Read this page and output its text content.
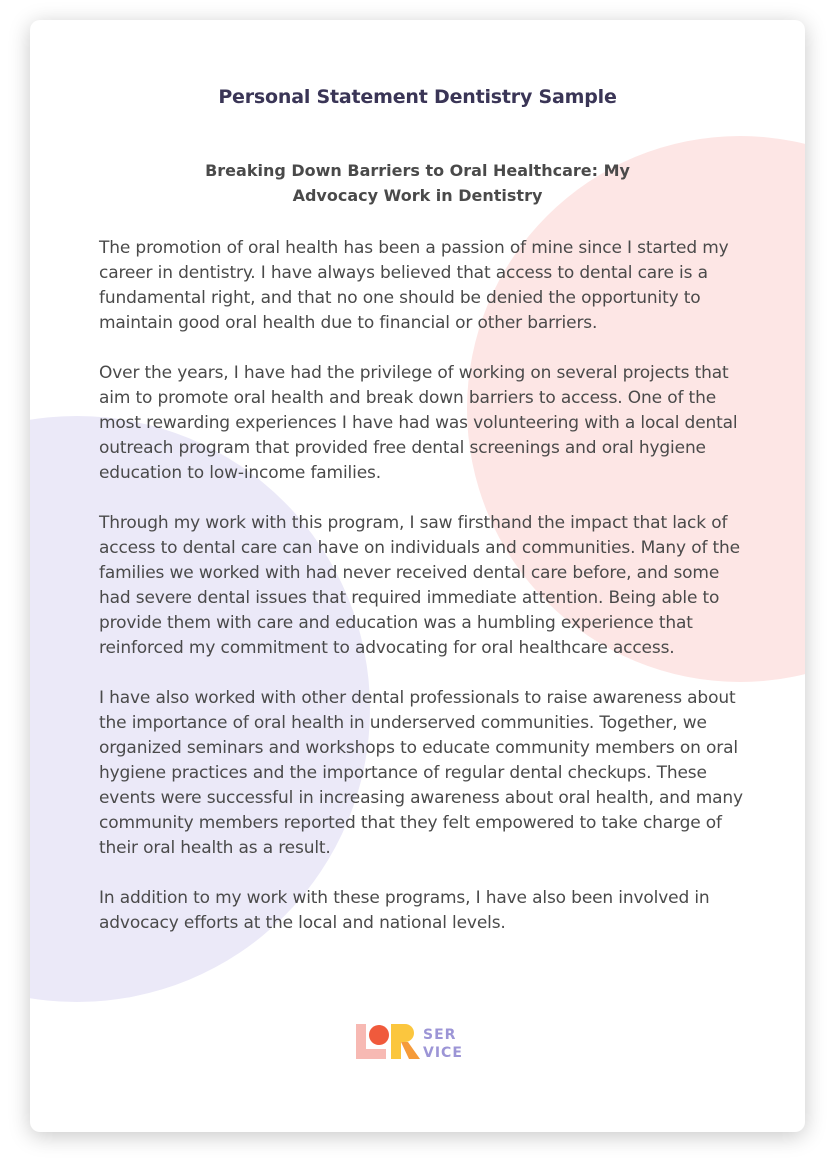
Personal Statement Dentistry Sample
Breaking Down Barriers to Oral Healthcare: My Advocacy Work in Dentistry

The promotion of oral health has been a passion of mine since I started my career in dentistry. I have always believed that access to dental care is a fundamental right, and that no one should be denied the opportunity to maintain good oral health due to financial or other barriers.

Over the years, I have had the privilege of working on several projects that aim to promote oral health and break down barriers to access. One of the most rewarding experiences I have had was volunteering with a local dental outreach program that provided free dental screenings and oral hygiene education to low-income families.

Through my work with this program, I saw firsthand the impact that lack of access to dental care can have on individuals and communities. Many of the families we worked with had never received dental care before, and some had severe dental issues that required immediate attention. Being able to provide them with care and education was a humbling experience that reinforced my commitment to advocating for oral healthcare access.

I have also worked with other dental professionals to raise awareness about the importance of oral health in underserved communities. Together, we organized seminars and workshops to educate community members on oral hygiene practices and the importance of regular dental checkups. These events were successful in increasing awareness about oral health, and many community members reported that they felt empowered to take charge of their oral health as a result.

In addition to my work with these programs, I have also been involved in advocacy efforts at the local and national levels.

SER
VICE
